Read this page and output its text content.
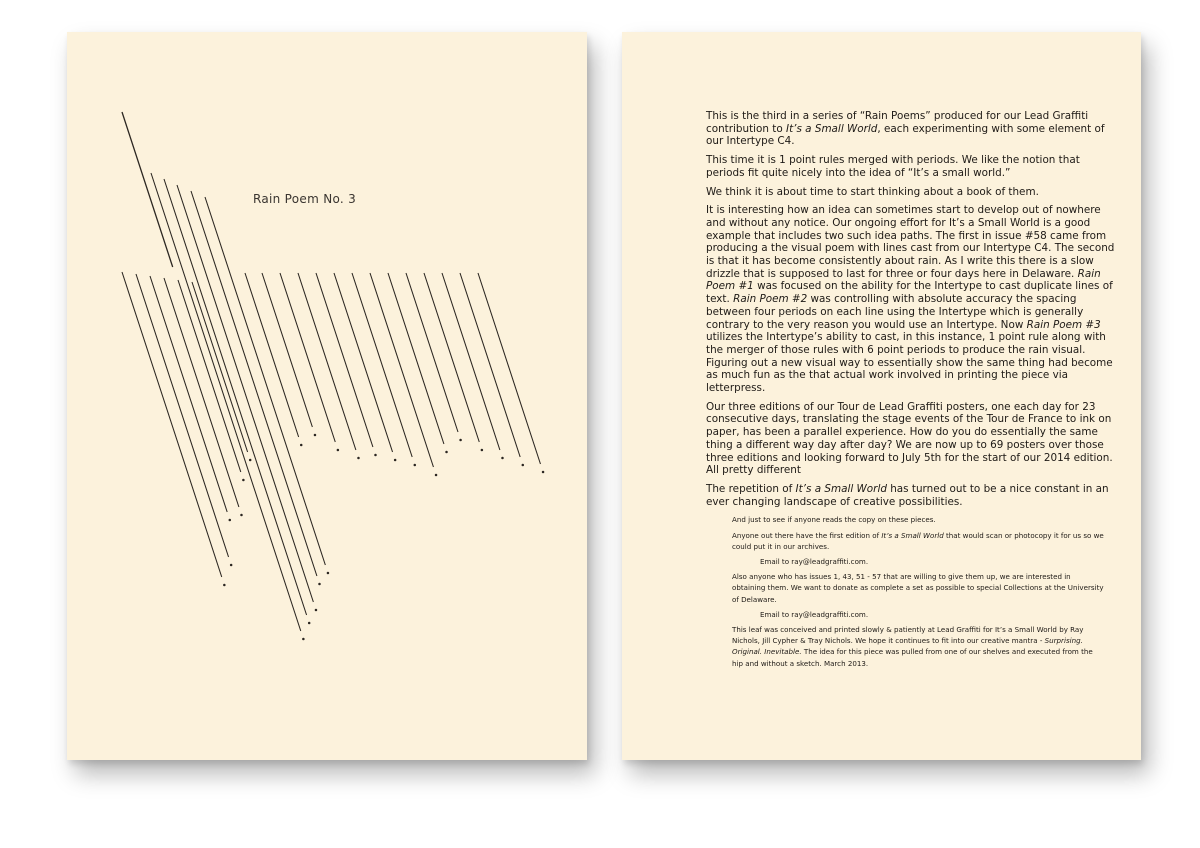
Rain Poem No. 3

This is the third in a series of “Rain Poems” produced for our Lead Graffiti contribution to It’s a Small World, each experimenting with some element of our Intertype C4.

This time it is 1 point rules merged with periods. We like the notion that periods fit quite nicely into the idea of “It’s a small world.”

We think it is about time to start thinking about a book of them.

It is interesting how an idea can sometimes start to develop out of nowhere and without any notice. Our ongoing effort for It’s a Small World is a good example that includes two such idea paths. The first in issue #58 came from producing a the visual poem with lines cast from our Intertype C4. The second is that it has become consistently about rain. As I write this there is a slow drizzle that is supposed to last for three or four days here in Delaware. Rain Poem #1 was focused on the ability for the Intertype to cast duplicate lines of text. Rain Poem #2 was controlling with absolute accuracy the spacing between four periods on each line using the Intertype which is generally contrary to the very reason you would use an Intertype. Now Rain Poem #3 utilizes the Intertype’s ability to cast, in this instance, 1 point rule along with the merger of those rules with 6 point periods to produce the rain visual. Figuring out a new visual way to essentially show the same thing had become as much fun as the that actual work involved in printing the piece via letterpress.

Our three editions of our Tour de Lead Graffiti posters, one each day for 23 consecutive days, translating the stage events of the Tour de France to ink on paper, has been a parallel experience. How do you do essentially the same thing a different way day after day? We are now up to 69 posters over those three editions and looking forward to July 5th for the start of our 2014 edition. All pretty different

The repetition of It’s a Small World has turned out to be a nice constant in an ever changing landscape of creative possibilities.

And just to see if anyone reads the copy on these pieces.

Anyone out there have the first edition of It’s a Small World that would scan or photocopy it for us so we could put it in our archives.

Email to ray@leadgraffiti.com.

Also anyone who has issues 1, 43, 51 - 57 that are willing to give them up, we are interested in obtaining them. We want to donate as complete a set as possible to special Collections at the University of Delaware.

Email to ray@leadgraffiti.com.

This leaf was conceived and printed slowly & patiently at Lead Graffiti for It’s a Small World by Ray Nichols, Jill Cypher & Tray Nichols. We hope it continues to fit into our creative mantra - Surprising. Original. Inevitable. The idea for this piece was pulled from one of our shelves and executed from the hip and without a sketch. March 2013.
